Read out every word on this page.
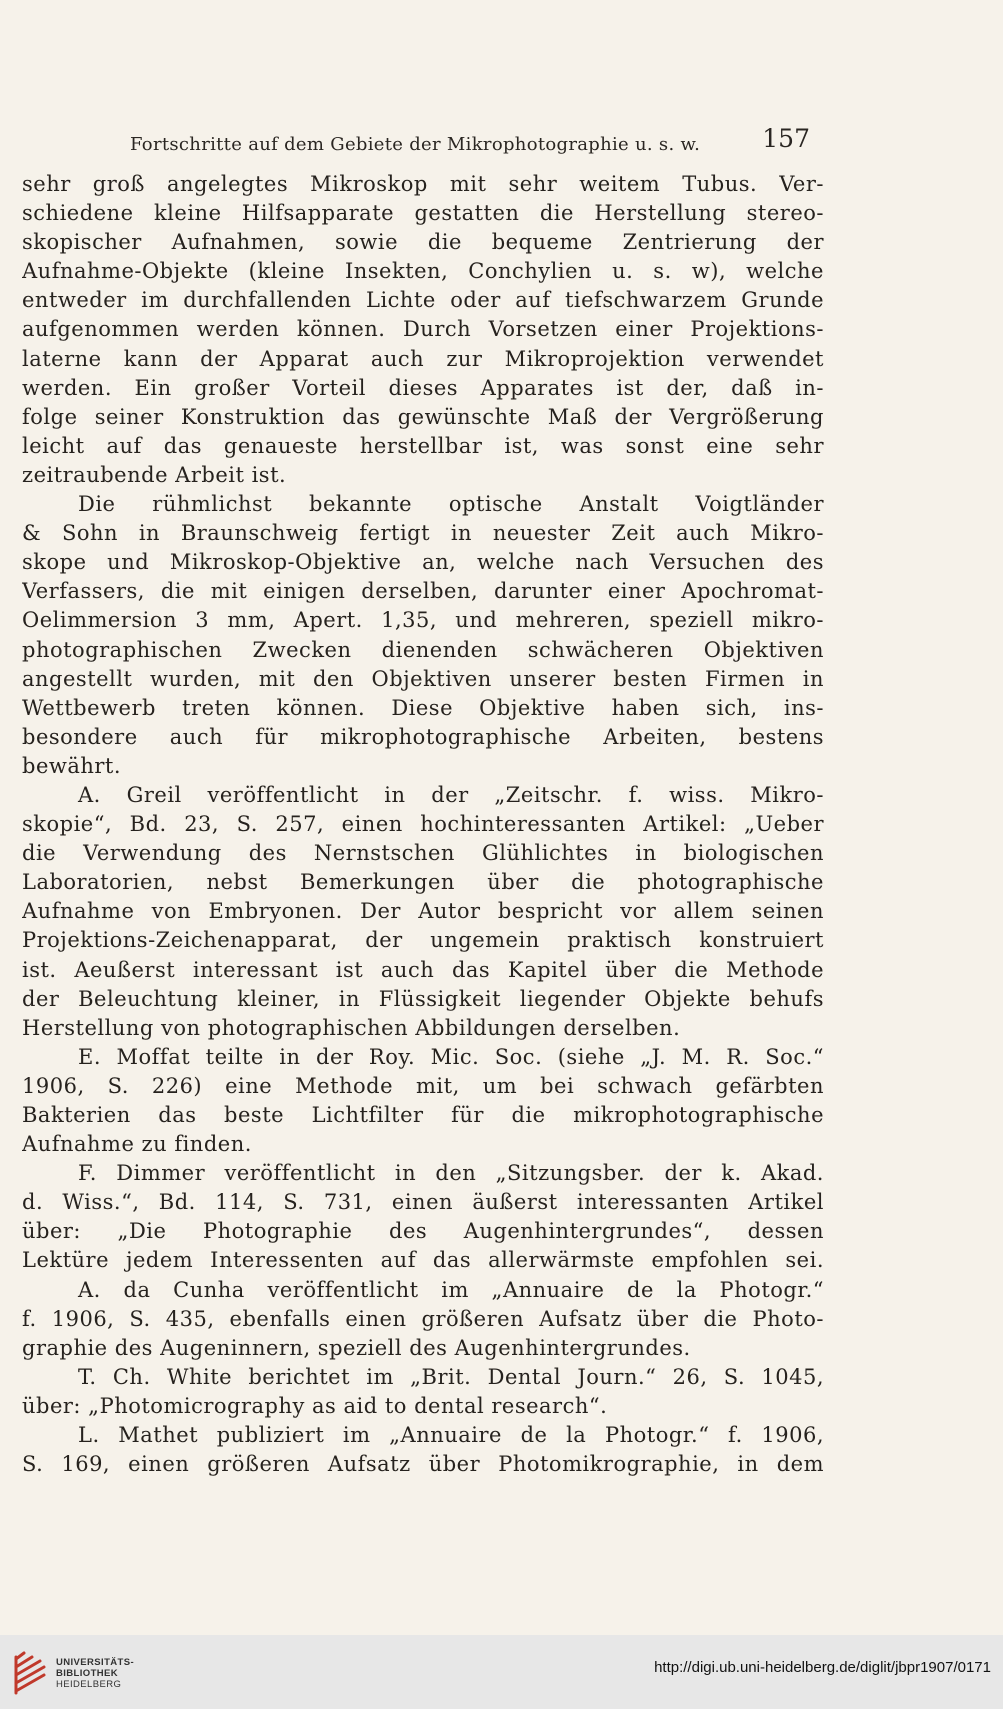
Fortschritte auf dem Gebiete der Mikrophotographie u. s. w. 157
sehr groß angelegtes Mikroskop mit sehr weitem Tubus. Ver-
schiedene kleine Hilfsapparate gestatten die Herstellung stereo-
skopischer Aufnahmen, sowie die bequeme Zentrierung der
Aufnahme-Objekte (kleine Insekten, Conchylien u. s. w), welche
entweder im durchfallenden Lichte oder auf tiefschwarzem Grunde
aufgenommen werden können. Durch Vorsetzen einer Projektions-
laterne kann der Apparat auch zur Mikroprojektion verwendet
werden. Ein großer Vorteil dieses Apparates ist der, daß in-
folge seiner Konstruktion das gewünschte Maß der Vergrößerung
leicht auf das genaueste herstellbar ist, was sonst eine sehr
zeitraubende Arbeit ist.
Die rühmlichst bekannte optische Anstalt Voigtländer
& Sohn in Braunschweig fertigt in neuester Zeit auch Mikro-
skope und Mikroskop-Objektive an, welche nach Versuchen des
Verfassers, die mit einigen derselben, darunter einer Apochromat-
Oelimmersion 3 mm, Apert. 1,35, und mehreren, speziell mikro-
photographischen Zwecken dienenden schwächeren Objektiven
angestellt wurden, mit den Objektiven unserer besten Firmen in
Wettbewerb treten können. Diese Objektive haben sich, ins-
besondere auch für mikrophotographische Arbeiten, bestens
bewährt.
A. Greil veröffentlicht in der „Zeitschr. f. wiss. Mikro-
skopie“, Bd. 23, S. 257, einen hochinteressanten Artikel: „Ueber
die Verwendung des Nernstschen Glühlichtes in biologischen
Laboratorien, nebst Bemerkungen über die photographische
Aufnahme von Embryonen. Der Autor bespricht vor allem seinen
Projektions-Zeichenapparat, der ungemein praktisch konstruiert
ist. Aeußerst interessant ist auch das Kapitel über die Methode
der Beleuchtung kleiner, in Flüssigkeit liegender Objekte behufs
Herstellung von photographischen Abbildungen derselben.
E. Moffat teilte in der Roy. Mic. Soc. (siehe „J. M. R. Soc.“
1906, S. 226) eine Methode mit, um bei schwach gefärbten
Bakterien das beste Lichtfilter für die mikrophotographische
Aufnahme zu finden.
F. Dimmer veröffentlicht in den „Sitzungsber. der k. Akad.
d. Wiss.“, Bd. 114, S. 731, einen äußerst interessanten Artikel
über: „Die Photographie des Augenhintergrundes“, dessen
Lektüre jedem Interessenten auf das allerwärmste empfohlen sei.
A. da Cunha veröffentlicht im „Annuaire de la Photogr.“
f. 1906, S. 435, ebenfalls einen größeren Aufsatz über die Photo-
graphie des Augeninnern, speziell des Augenhintergrundes.
T. Ch. White berichtet im „Brit. Dental Journ.“ 26, S. 1045,
über: „Photomicrography as aid to dental research“.
L. Mathet publiziert im „Annuaire de la Photogr.“ f. 1906,
S. 169, einen größeren Aufsatz über Photomikrographie, in dem
UNIVERSITÄTS-
BIBLIOTHEK
HEIDELBERG
http://digi.ub.uni-heidelberg.de/diglit/jbpr1907/0171
